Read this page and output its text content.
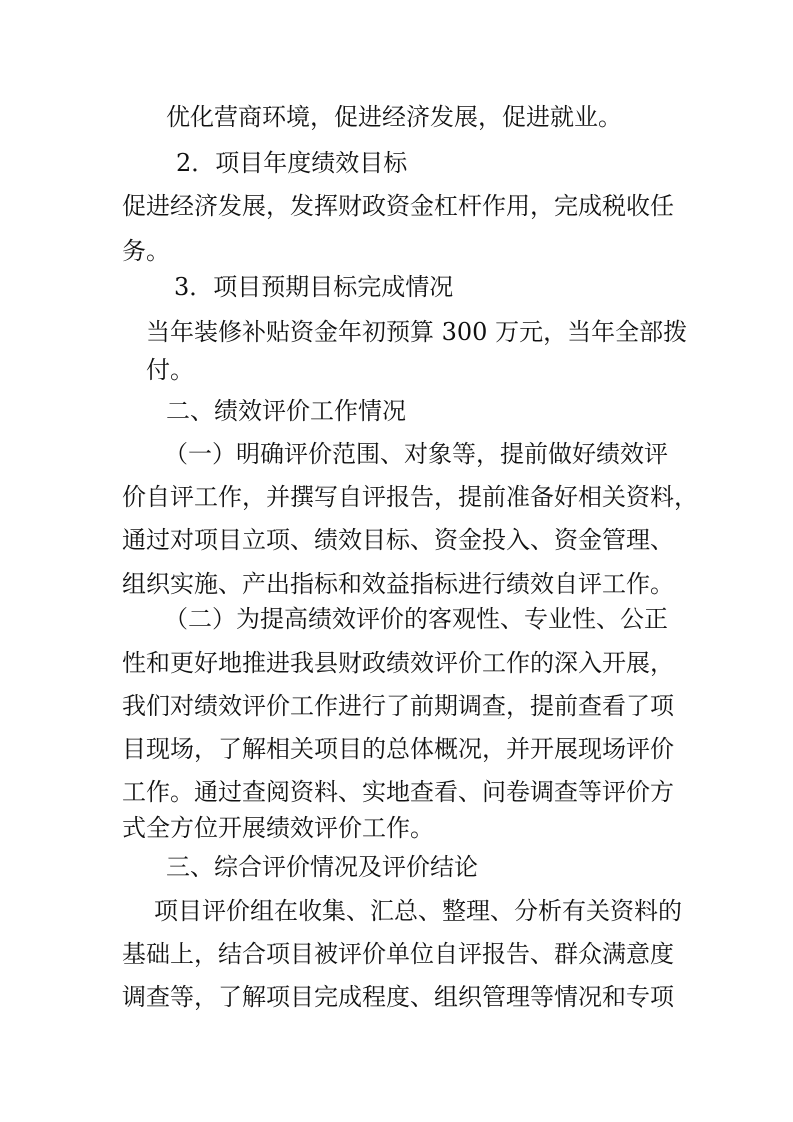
优化营商环境，促进经济发展，促进就业。

2．项目年度绩效目标

促进经济发展，发挥财政资金杠杆作用，完成税收任

务。

3．项目预期目标完成情况

当年装修补贴资金年初预算 300 万元，当年全部拨

付。

二、绩效评价工作情况

（一）明确评价范围、对象等，提前做好绩效评

价自评工作，并撰写自评报告，提前准备好相关资料，

通过对项目立项、绩效目标、资金投入、资金管理、

组织实施、产出指标和效益指标进行绩效自评工作。

（二）为提高绩效评价的客观性、专业性、公正

性和更好地推进我县财政绩效评价工作的深入开展，

我们对绩效评价工作进行了前期调查，提前查看了项

目现场，了解相关项目的总体概况，并开展现场评价

工作。通过查阅资料、实地查看、问卷调查等评价方

式全方位开展绩效评价工作。

三、综合评价情况及评价结论

项目评价组在收集、汇总、整理、分析有关资料的

基础上，结合项目被评价单位自评报告、群众满意度

调查等，了解项目完成程度、组织管理等情况和专项
